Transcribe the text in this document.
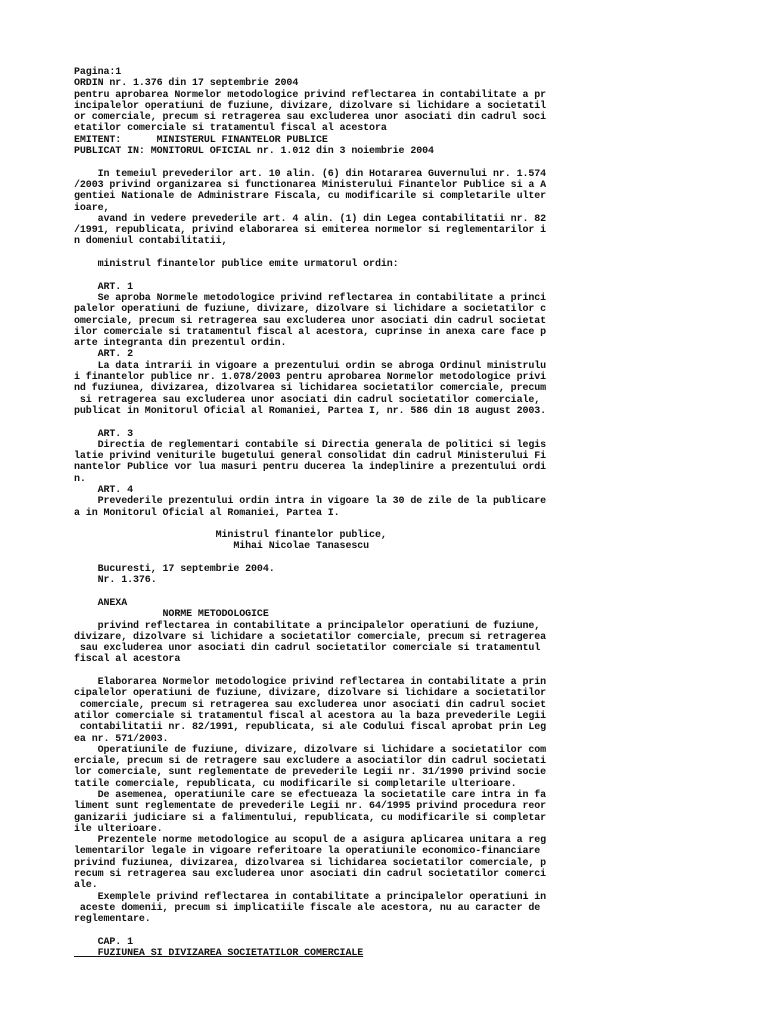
Pagina:1
ORDIN nr. 1.376 din 17 septembrie 2004
pentru aprobarea Normelor metodologice privind reflectarea in contabilitate a pr
incipalelor operatiuni de fuziune, divizare, dizolvare si lichidare a societatil
or comerciale, precum si retragerea sau excluderea unor asociati din cadrul soci
etatilor comerciale si tratamentul fiscal al acestora
EMITENT:      MINISTERUL FINANTELOR PUBLICE
PUBLICAT IN: MONITORUL OFICIAL nr. 1.012 din 3 noiembrie 2004
In temeiul prevederilor art. 10 alin. (6) din Hotararea Guvernului nr. 1.574
/2003 privind organizarea si functionarea Ministerului Finantelor Publice si a A
gentiei Nationale de Administrare Fiscala, cu modificarile si completarile ulter
ioare,
avand in vedere prevederile art. 4 alin. (1) din Legea contabilitatii nr. 82
/1991, republicata, privind elaborarea si emiterea normelor si reglementarilor i
n domeniul contabilitatii,
ministrul finantelor publice emite urmatorul ordin:
ART. 1
Se aproba Normele metodologice privind reflectarea in contabilitate a princi
palelor operatiuni de fuziune, divizare, dizolvare si lichidare a societatilor c
omerciale, precum si retragerea sau excluderea unor asociati din cadrul societat
ilor comerciale si tratamentul fiscal al acestora, cuprinse in anexa care face p
arte integranta din prezentul ordin.
ART. 2
La data intrarii in vigoare a prezentului ordin se abroga Ordinul ministrulu
i finantelor publice nr. 1.078/2003 pentru aprobarea Normelor metodologice privi
nd fuziunea, divizarea, dizolvarea si lichidarea societatilor comerciale, precum
si retragerea sau excluderea unor asociati din cadrul societatilor comerciale,
publicat in Monitorul Oficial al Romaniei, Partea I, nr. 586 din 18 august 2003.
ART. 3
Directia de reglementari contabile si Directia generala de politici si legis
latie privind veniturile bugetului general consolidat din cadrul Ministerului Fi
nantelor Publice vor lua masuri pentru ducerea la indeplinire a prezentului ordi
n.
ART. 4
Prevederile prezentului ordin intra in vigoare la 30 de zile de la publicare
a in Monitorul Oficial al Romaniei, Partea I.
Ministrul finantelor publice,
Mihai Nicolae Tanasescu
Bucuresti, 17 septembrie 2004.
Nr. 1.376.
ANEXA
NORME METODOLOGICE
privind reflectarea in contabilitate a principalelor operatiuni de fuziune,
divizare, dizolvare si lichidare a societatilor comerciale, precum si retragerea
sau excluderea unor asociati din cadrul societatilor comerciale si tratamentul
fiscal al acestora
Elaborarea Normelor metodologice privind reflectarea in contabilitate a prin
cipalelor operatiuni de fuziune, divizare, dizolvare si lichidare a societatilor
comerciale, precum si retragerea sau excluderea unor asociati din cadrul societ
atilor comerciale si tratamentul fiscal al acestora au la baza prevederile Legii
contabilitatii nr. 82/1991, republicata, si ale Codului fiscal aprobat prin Leg
ea nr. 571/2003.
Operatiunile de fuziune, divizare, dizolvare si lichidare a societatilor com
erciale, precum si de retragere sau excludere a asociatilor din cadrul societati
lor comerciale, sunt reglementate de prevederile Legii nr. 31/1990 privind socie
tatile comerciale, republicata, cu modificarile si completarile ulterioare.
De asemenea, operatiunile care se efectueaza la societatile care intra in fa
liment sunt reglementate de prevederile Legii nr. 64/1995 privind procedura reor
ganizarii judiciare si a falimentului, republicata, cu modificarile si completar
ile ulterioare.
Prezentele norme metodologice au scopul de a asigura aplicarea unitara a reg
lementarilor legale in vigoare referitoare la operatiunile economico-financiare
privind fuziunea, divizarea, dizolvarea si lichidarea societatilor comerciale, p
recum si retragerea sau excluderea unor asociati din cadrul societatilor comerci
ale.
Exemplele privind reflectarea in contabilitate a principalelor operatiuni in
aceste domenii, precum si implicatiile fiscale ale acestora, nu au caracter de
reglementare.
CAP. 1
FUZIUNEA SI DIVIZAREA SOCIETATILOR COMERCIALE
